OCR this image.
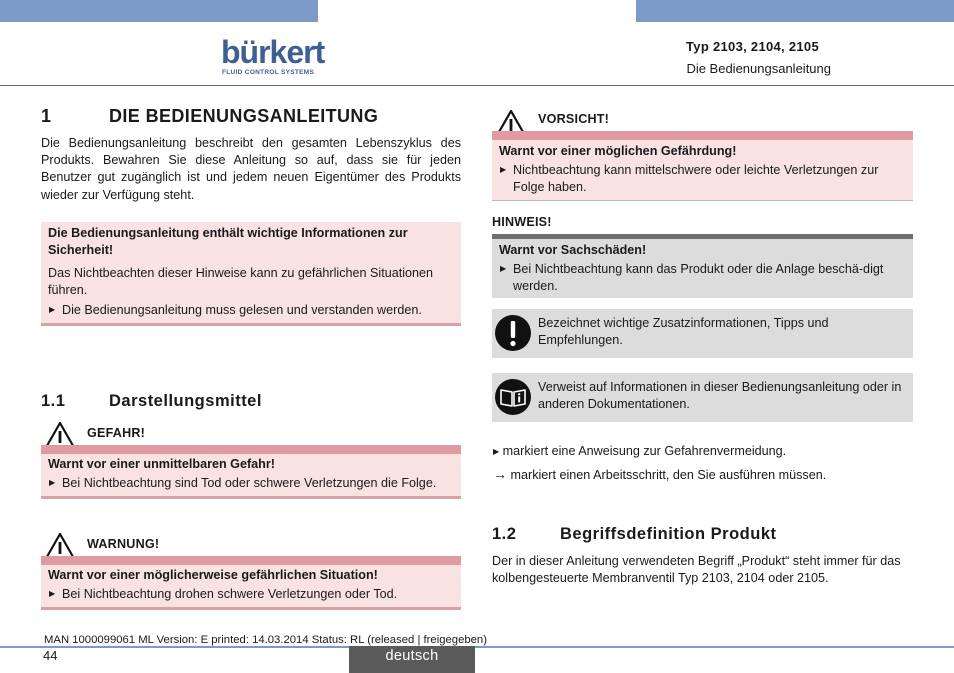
bürkert
FLUID CONTROL SYSTEMS
Typ 2103, 2104, 2105
Die Bedienungsanleitung
1	DIE BEDIENUNGSANLEITUNG
Die Bedienungsanleitung beschreibt den gesamten Lebenszyklus des Produkts. Bewahren Sie diese Anleitung so auf, dass sie für jeden Benutzer gut zugänglich ist und jedem neuen Eigentümer des Produkts wieder zur Verfügung steht.
Die Bedienungsanleitung enthält wichtige Informationen zur Sicherheit!
Das Nichtbeachten dieser Hinweise kann zu gefährlichen Situationen führen.
▶ Die Bedienungsanleitung muss gelesen und verstanden werden.
1.1	Darstellungsmittel
GEFAHR!
Warnt vor einer unmittelbaren Gefahr!
▶ Bei Nichtbeachtung sind Tod oder schwere Verletzungen die Folge.
WARNUNG!
Warnt vor einer möglicherweise gefährlichen Situation!
▶ Bei Nichtbeachtung drohen schwere Verletzungen oder Tod.
VORSICHT!
Warnt vor einer möglichen Gefährdung!
▶ Nichtbeachtung kann mittelschwere oder leichte Verletzungen zur Folge haben.
HINWEIS!
Warnt vor Sachschäden!
▶ Bei Nichtbeachtung kann das Produkt oder die Anlage beschä-digt werden.
Bezeichnet wichtige Zusatzinformationen, Tipps und Empfehlungen.
Verweist auf Informationen in dieser Bedienungsanleitung oder in anderen Dokumentationen.
▶ markiert eine Anweisung zur Gefahrenvermeidung.
→ markiert einen Arbeitsschritt, den Sie ausführen müssen.
1.2	Begriffsdefinition Produkt
Der in dieser Anleitung verwendeten Begriff „Produkt“ steht immer für das kolbengesteuerte Membranventil Typ 2103, 2104 oder 2105.
MAN 1000099061 ML Version: E printed: 14.03.2014 Status: RL (released | freigegeben)
44	deutsch
